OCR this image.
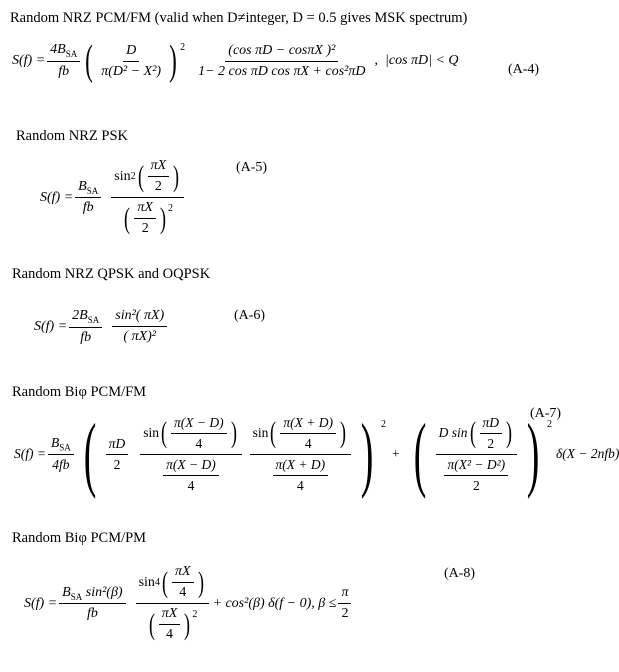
Random NRZ PCM/FM (valid when D≠integer, D = 0.5 gives MSK spectrum)
$S(f) = \frac{4B_{SA}}{fb}$ ( $\frac{D}{\text{π(D² − X²)}}$ ) $^2 \frac{\text{(cos πD − cosπX )²}}{\text{1− 2 cos πD cos πX + cos²πD}}$ , |cos πD| < Q
(A-4)
Random NRZ PSK
(A-5)
$S(f) = \frac{B_{SA}}{fb} \frac{\sin 2 ( \frac{\pi X}{2} )}{( \frac{\pi X}{2} )^2}$
Random NRZ QPSK and OQPSK
(A-6)
$S(f) = \frac{2B_{SA}}{fb} \frac{\text{sin²( πX)}}{\text{( πX)²}}$
Random Biφ PCM/FM
(A-7)
$S(f) = \frac{B_{SA}}{4fb}$ ( $\frac{\pi D}{2} \frac{\sin ( \frac{\pi(X - D)}{4} )}{\frac{\pi(X - D)}{4}} \frac{\sin ( \frac{\pi(X + D)}{4} )}{\frac{\pi(X + D)}{4}}$ ) $^2$
+ ( $\frac{D \sin ( \frac{\pi D}{2} )}{\frac{\text{π(X² − D²)}}{2}}$ ) $^2$
δ(X − 2nfb)
Random Biφ PCM/PM
(A-8)
$S(f) = \frac{B_{SA} \sin^2(\beta)}{fb} \frac{\sin 4 ( \frac{\pi X}{4} )}{( \frac{\pi X}{4} )^2} + \cos^2(\beta) \delta(f - 0)$, $\beta \le \frac{\pi}{2}$
